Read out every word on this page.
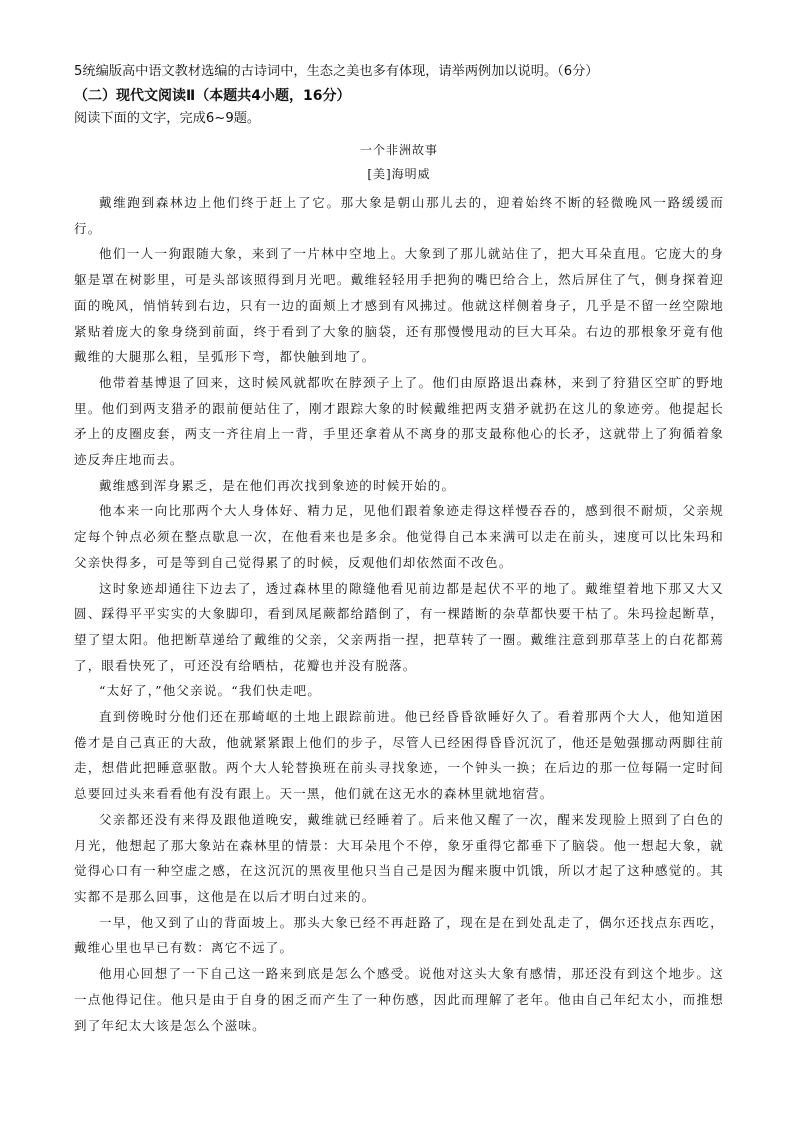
5统编版高中语文教材选编的古诗词中，生态之美也多有体现，请举两例加以说明。（6分）

（二）现代文阅读Ⅱ（本题共4小题，16分）

阅读下面的文字，完成6~9题。

一个非洲故事

[美]海明威

戴维跑到森林边上他们终于赶上了它。那大象是朝山那儿去的，迎着始终不断的轻微晚风一路缓缓而行。

他们一人一狗跟随大象，来到了一片林中空地上。大象到了那儿就站住了，把大耳朵直甩。它庞大的身躯是罩在树影里，可是头部该照得到月光吧。戴维轻轻用手把狗的嘴巴给合上，然后屏住了气，侧身探着迎面的晚风，悄悄转到右边，只有一边的面颊上才感到有风拂过。他就这样侧着身子，几乎是不留一丝空隙地紧贴着庞大的象身绕到前面，终于看到了大象的脑袋，还有那慢慢甩动的巨大耳朵。右边的那根象牙竟有他戴维的大腿那么粗，呈弧形下弯，都快触到地了。

他带着基博退了回来，这时候风就都吹在脖颈子上了。他们由原路退出森林，来到了狩猎区空旷的野地里。他们到两支猎矛的跟前便站住了，刚才跟踪大象的时候戴维把两支猎矛就扔在这儿的象迹旁。他提起长矛上的皮圈皮套，两支一齐往肩上一背，手里还拿着从不离身的那支最称他心的长矛，这就带上了狗循着象迹反奔庄地而去。

戴维感到浑身累乏，是在他们再次找到象迹的时候开始的。

他本来一向比那两个大人身体好、精力足，见他们跟着象迹走得这样慢吞吞的，感到很不耐烦，父亲规定每个钟点必须在整点歇息一次，在他看来也是多余。他觉得自己本来满可以走在前头，速度可以比朱玛和父亲快得多，可是等到自己觉得累了的时候，反观他们却依然面不改色。

这时象迹却通往下边去了，透过森林里的隙缝他看见前边都是起伏不平的地了。戴维望着地下那又大又圆、踩得平平实实的大象脚印，看到凤尾蕨都给踏倒了，有一棵踏断的杂草都快要干枯了。朱玛捡起断草，望了望太阳。他把断草递给了戴维的父亲，父亲两指一捏，把草转了一圈。戴维注意到那草茎上的白花都蔫了，眼看快死了，可还没有给晒枯，花瓣也并没有脱落。

“太好了，”他父亲说。“我们快走吧。

直到傍晚时分他们还在那崎岖的土地上跟踪前进。他已经昏昏欲睡好久了。看着那两个大人，他知道困倦才是自己真正的大敌，他就紧紧跟上他们的步子，尽管人已经困得昏昏沉沉了，他还是勉强挪动两脚往前走，想借此把睡意驱散。两个大人轮替换班在前头寻找象迹，一个钟头一换；在后边的那一位每隔一定时间总要回过头来看看他有没有跟上。天一黑，他们就在这无水的森林里就地宿营。

父亲都还没有来得及跟他道晚安，戴维就已经睡着了。后来他又醒了一次，醒来发现脸上照到了白色的月光，他想起了那大象站在森林里的情景：大耳朵甩个不停，象牙重得它都垂下了脑袋。他一想起大象，就觉得心口有一种空虚之感，在这沉沉的黑夜里他只当自己是因为醒来腹中饥饿，所以才起了这种感觉的。其实都不是那么回事，这他是在以后才明白过来的。

一早，他又到了山的背面坡上。那头大象已经不再赶路了，现在是在到处乱走了，偶尔还找点东西吃，戴维心里也早已有数：离它不远了。

他用心回想了一下自己这一路来到底是怎么个感受。说他对这头大象有感情，那还没有到这个地步。这一点他得记住。他只是由于自身的困乏而产生了一种伤感，因此而理解了老年。他由自己年纪太小，而推想到了年纪太大该是怎么个滋味。
